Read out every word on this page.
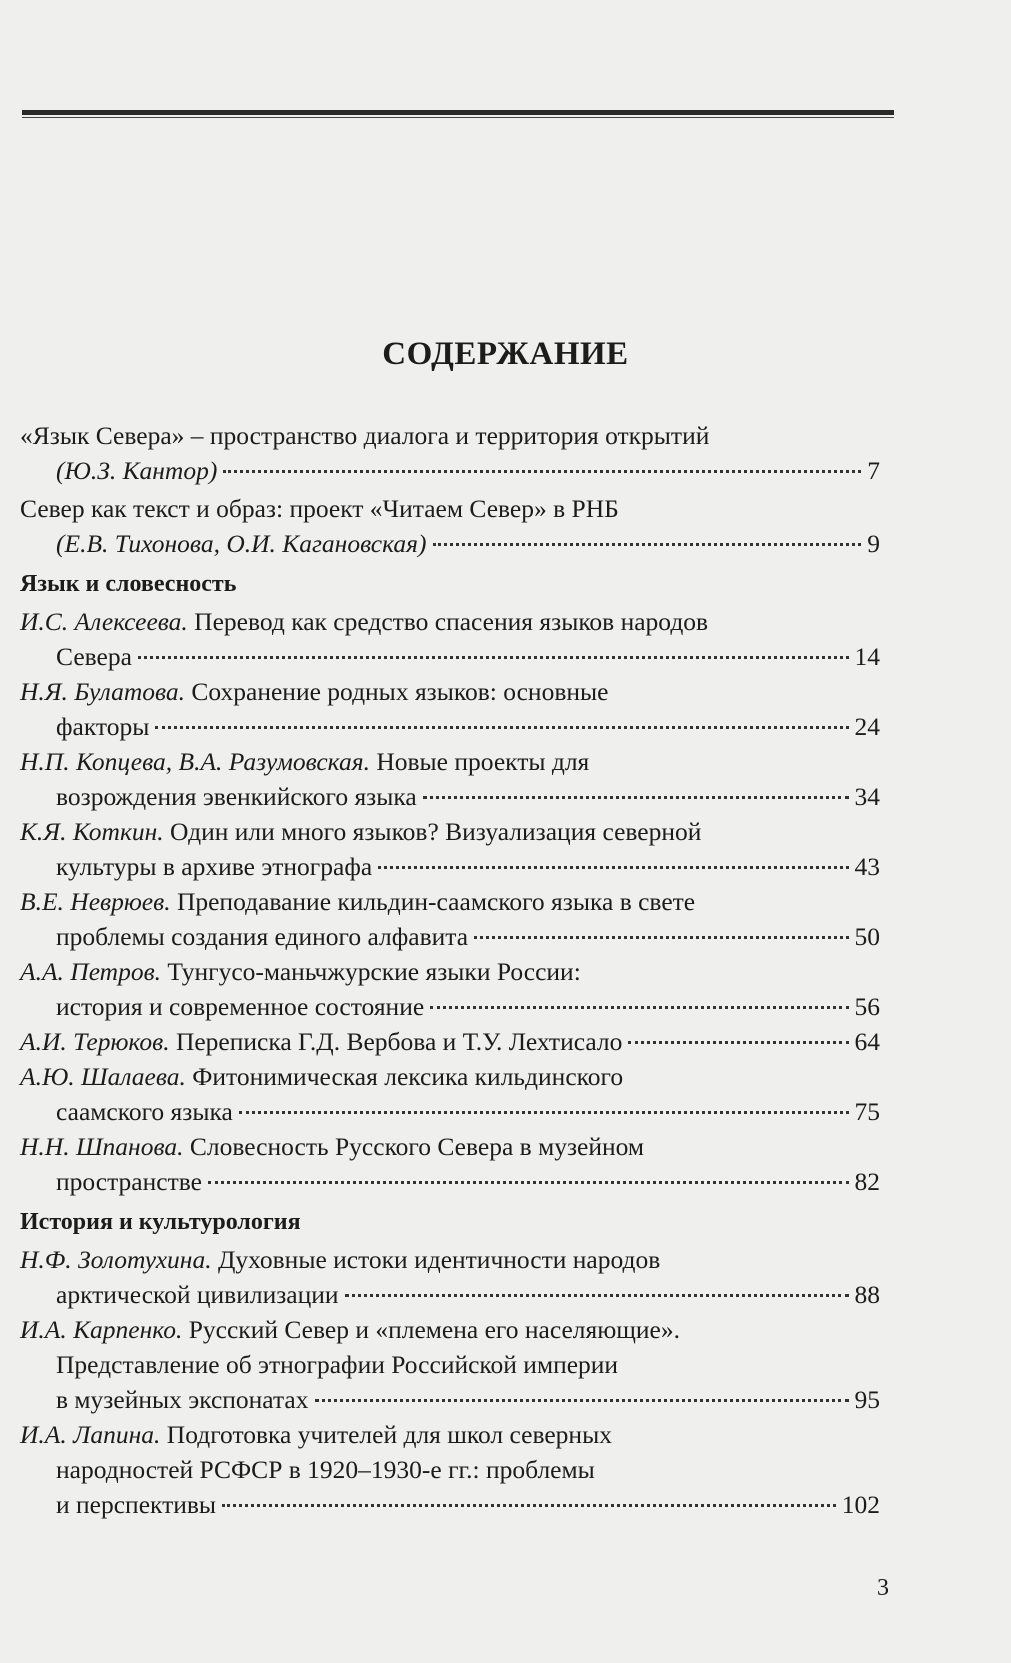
СОДЕРЖАНИЕ
«Язык Севера» – пространство диалога и территория открытий
(Ю.З. Кантор)	7
Север как текст и образ: проект «Читаем Север» в РНБ
(Е.В. Тихонова, О.И. Кагановская)	9
Язык и словесность
И.С. Алексеева. Перевод как средство спасения языков народов
Севера	14
Н.Я. Булатова. Сохранение родных языков: основные
факторы	24
Н.П. Копцева, В.А. Разумовская. Новые проекты для
возрождения эвенкийского языка	34
К.Я. Коткин. Один или много языков? Визуализация северной
культуры в архиве этнографа	43
В.Е. Неврюев. Преподавание кильдин-саамского языка в свете
проблемы создания единого алфавита	50
А.А. Петров. Тунгусо-маньчжурские языки России:
история и современное состояние	56
А.И. Терюков. Переписка Г.Д. Вербова и Т.У. Лехтисало	64
А.Ю. Шалаева. Фитонимическая лексика кильдинского
саамского языка	75
Н.Н. Шпанова. Словесность Русского Севера в музейном
пространстве	82
История и культурология
Н.Ф. Золотухина. Духовные истоки идентичности народов
арктической цивилизации	88
И.А. Карпенко. Русский Север и «племена его населяющие».
Представление об этнографии Российской империи
в музейных экспонатах	95
И.А. Лапина. Подготовка учителей для школ северных
народностей РСФСР в 1920–1930-е гг.: проблемы
и перспективы	102
3
